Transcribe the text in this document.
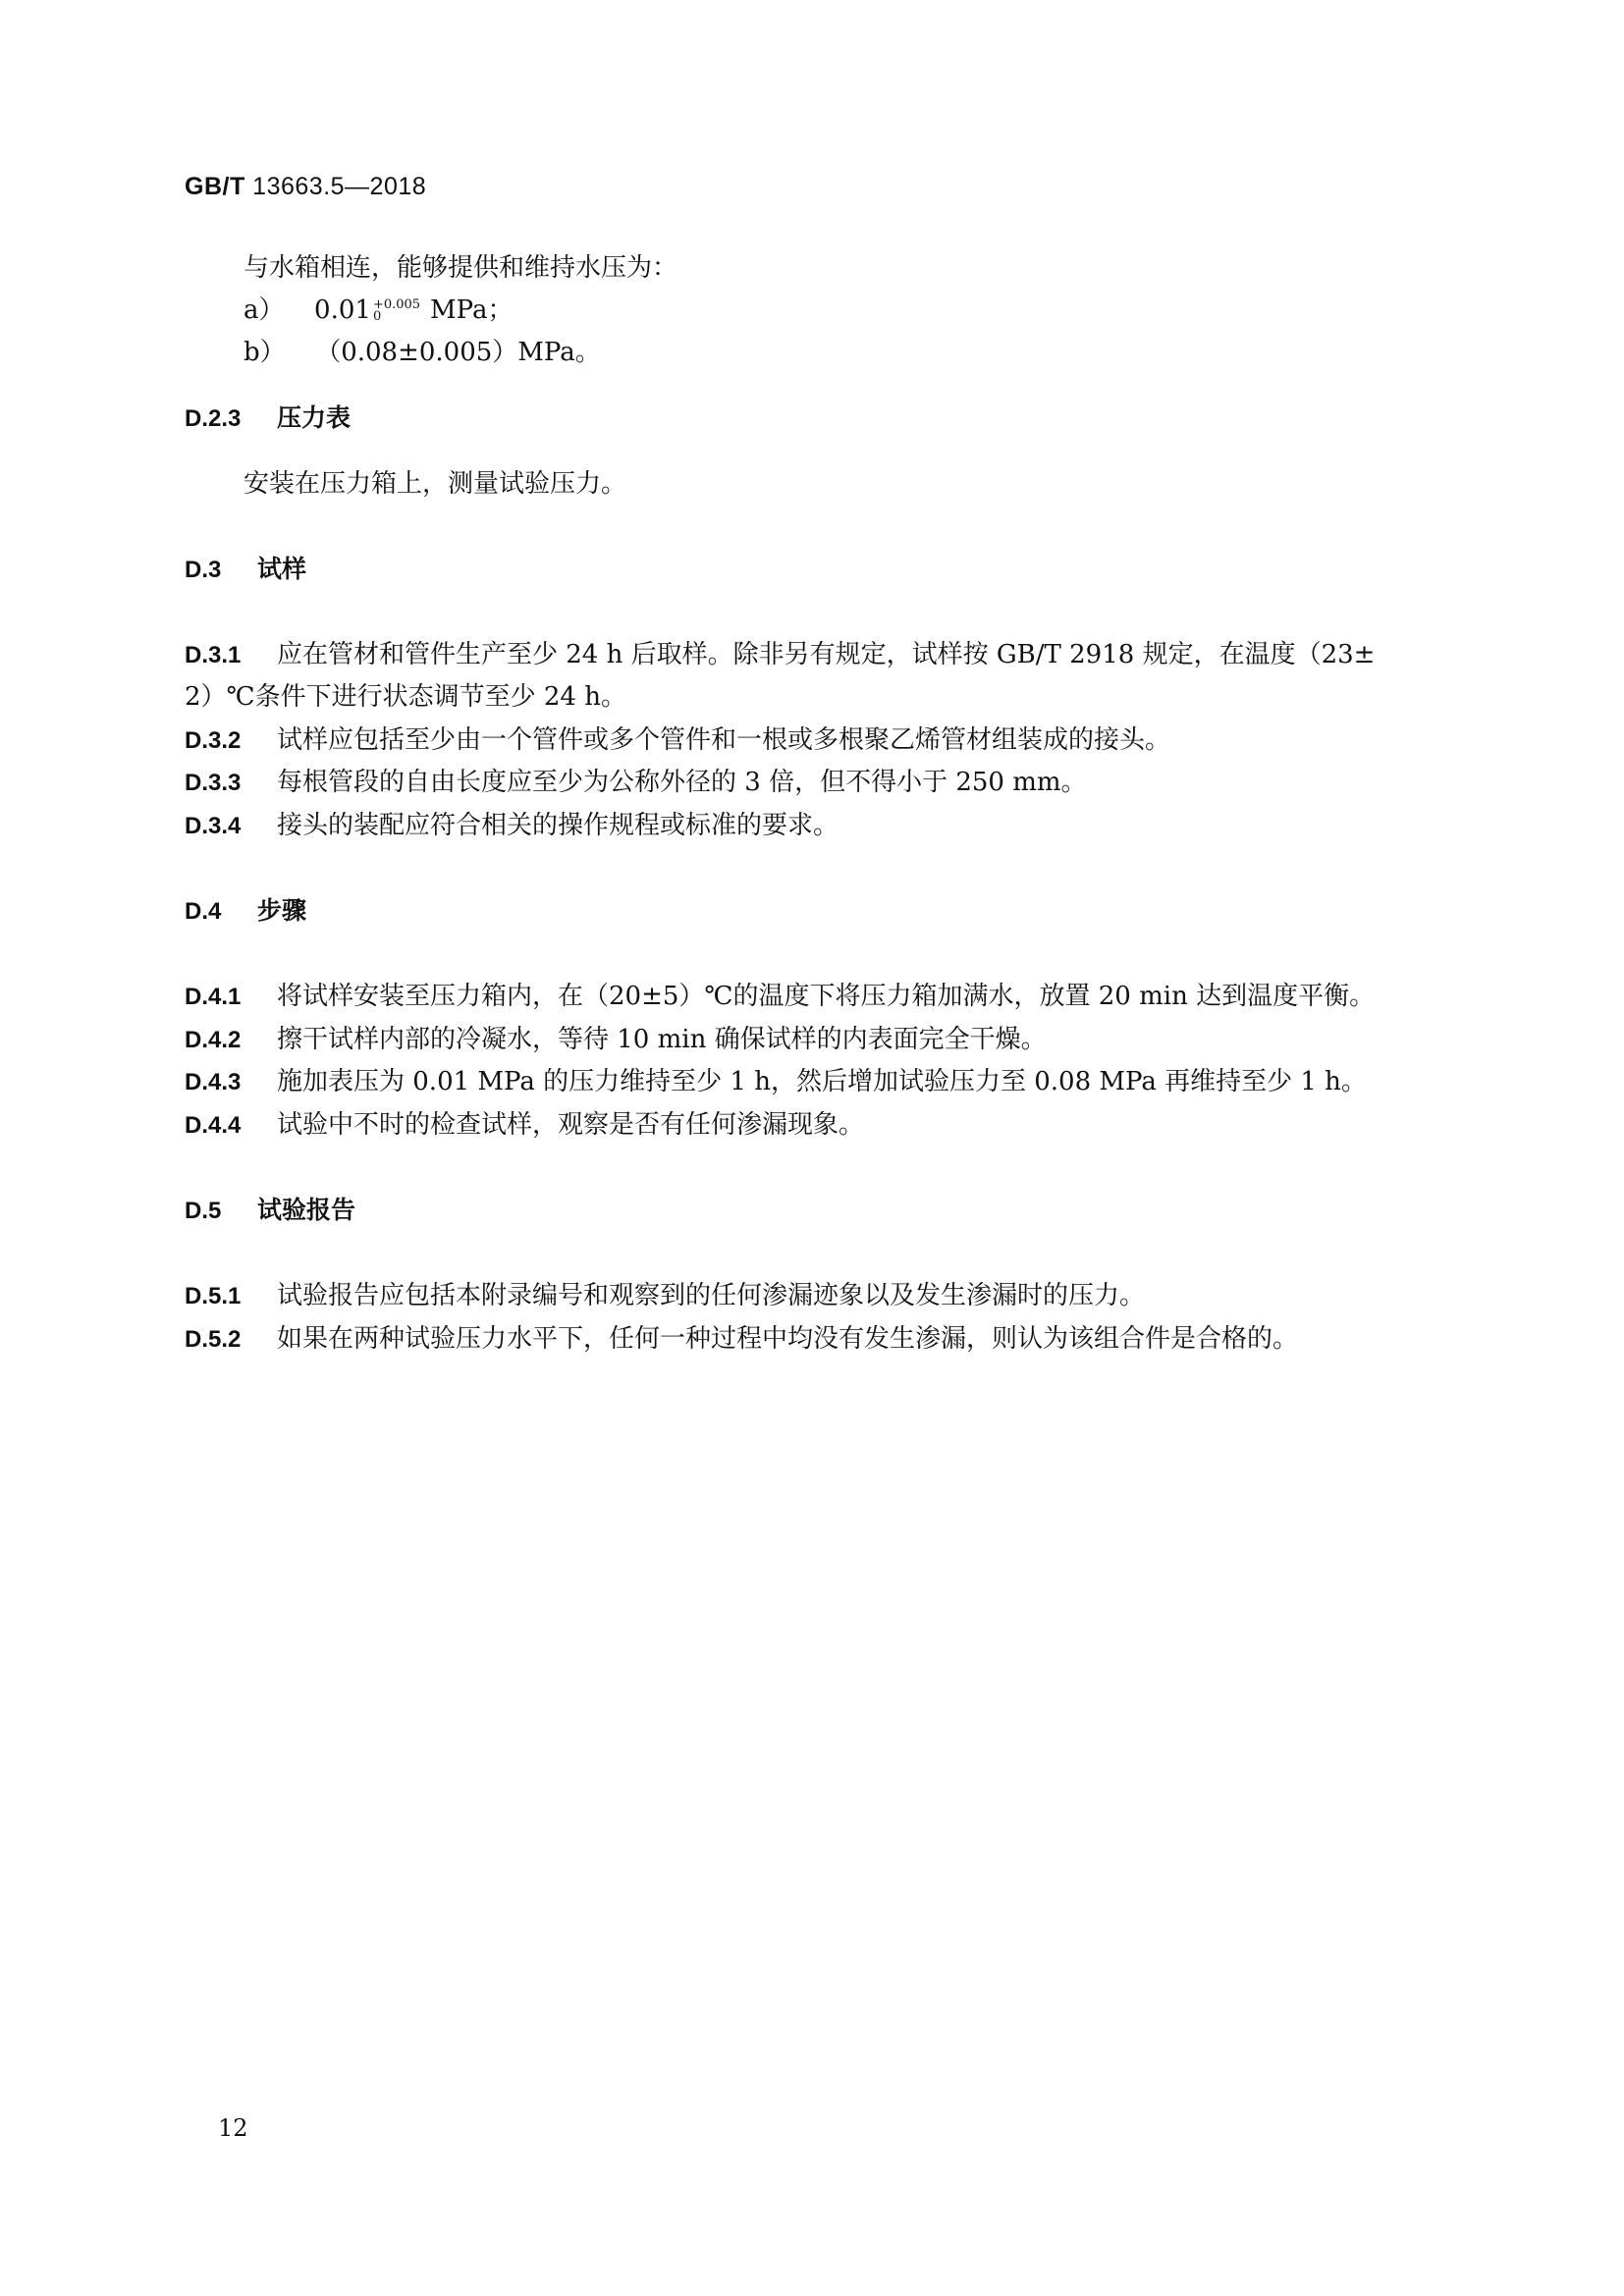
GB/T 13663.5—2018
与水箱相连，能够提供和维持水压为：
a） 0.01 +0.005
0	MPa；
b） （0.08±0.005）MPa。
D.2.3 压力表
安装在压力箱上，测量试验压力。
D.3 试样
D.3.1 应在管材和管件生产至少 24 h 后取样。除非另有规定，试样按 GB/T 2918 规定，在温度（23±
2）℃条件下进行状态调节至少 24 h。
D.3.2 试样应包括至少由一个管件或多个管件和一根或多根聚乙烯管材组装成的接头。
D.3.3 每根管段的自由长度应至少为公称外径的 3 倍，但不得小于 250 mm。
D.3.4 接头的装配应符合相关的操作规程或标准的要求。
D.4 步骤
D.4.1 将试样安装至压力箱内，在（20±5）℃的温度下将压力箱加满水，放置 20 min 达到温度平衡。
D.4.2 擦干试样内部的冷凝水，等待 10 min 确保试样的内表面完全干燥。
D.4.3 施加表压为 0.01 MPa 的压力维持至少 1 h，然后增加试验压力至 0.08 MPa 再维持至少 1 h。
D.4.4 试验中不时的检查试样，观察是否有任何渗漏现象。
D.5 试验报告
D.5.1 试验报告应包括本附录编号和观察到的任何渗漏迹象以及发生渗漏时的压力。
D.5.2 如果在两种试验压力水平下，任何一种过程中均没有发生渗漏，则认为该组合件是合格的。
12
